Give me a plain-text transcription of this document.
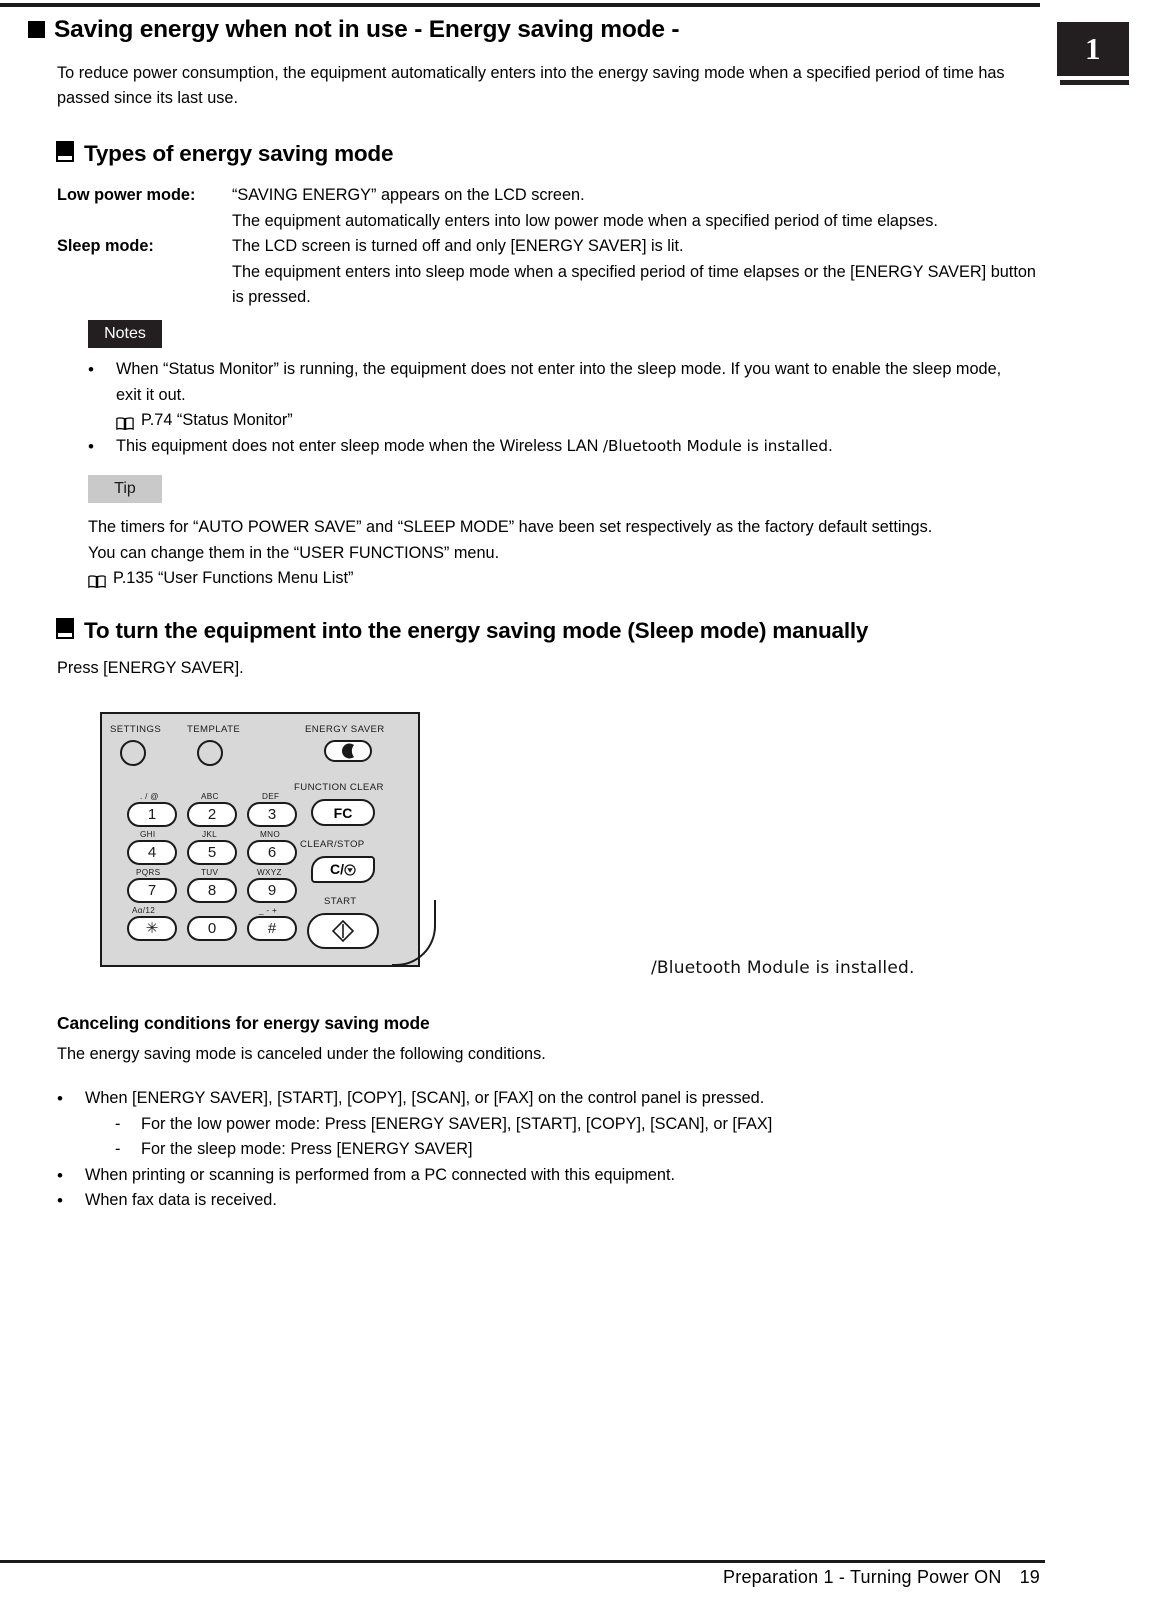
1
Saving energy when not in use - Energy saving mode -
To reduce power consumption, the equipment automatically enters into the energy saving mode when a specified period of time has passed since its last use.
Types of energy saving mode
Low power mode:	“SAVING ENERGY” appears on the LCD screen.
The equipment automatically enters into low power mode when a specified period of time elapses.
Sleep mode:	The LCD screen is turned off and only [ENERGY SAVER] is lit.
The equipment enters into sleep mode when a specified period of time elapses or the [ENERGY SAVER] button is pressed.
Notes
•	When “Status Monitor” is running, the equipment does not enter into the sleep mode. If you want to enable the sleep mode, exit it out.
P.74 “Status Monitor”
•	This equipment does not enter sleep mode when the Wireless LAN /Bluetooth Module is installed.
Tip
The timers for “AUTO POWER SAVE” and “SLEEP MODE” have been set respectively as the factory default settings.
You can change them in the “USER FUNCTIONS” menu.
P.135 “User Functions Menu List”
To turn the equipment into the energy saving mode (Sleep mode) manually
Press [ENERGY SAVER].
SETTINGS	TEMPLATE	ENERGY SAVER
FUNCTION CLEAR
FC
CLEAR/STOP
C/
START
. / @
1
ABC
2
DEF
3
GHI
4
JKL
5
MNO
6
PQRS
7
TUV
8
WXYZ
9
Aα/12
✳	0
_ - +
#
/Bluetooth Module is installed.
Canceling conditions for energy saving mode
The energy saving mode is canceled under the following conditions.
•	When [ENERGY SAVER], [START], [COPY], [SCAN], or [FAX] on the control panel is pressed.
-	For the low power mode: Press [ENERGY SAVER], [START], [COPY], [SCAN], or [FAX]
-	For the sleep mode: Press [ENERGY SAVER]
•	When printing or scanning is performed from a PC connected with this equipment.
•	When fax data is received.
Preparation 1 - Turning Power ON 19
